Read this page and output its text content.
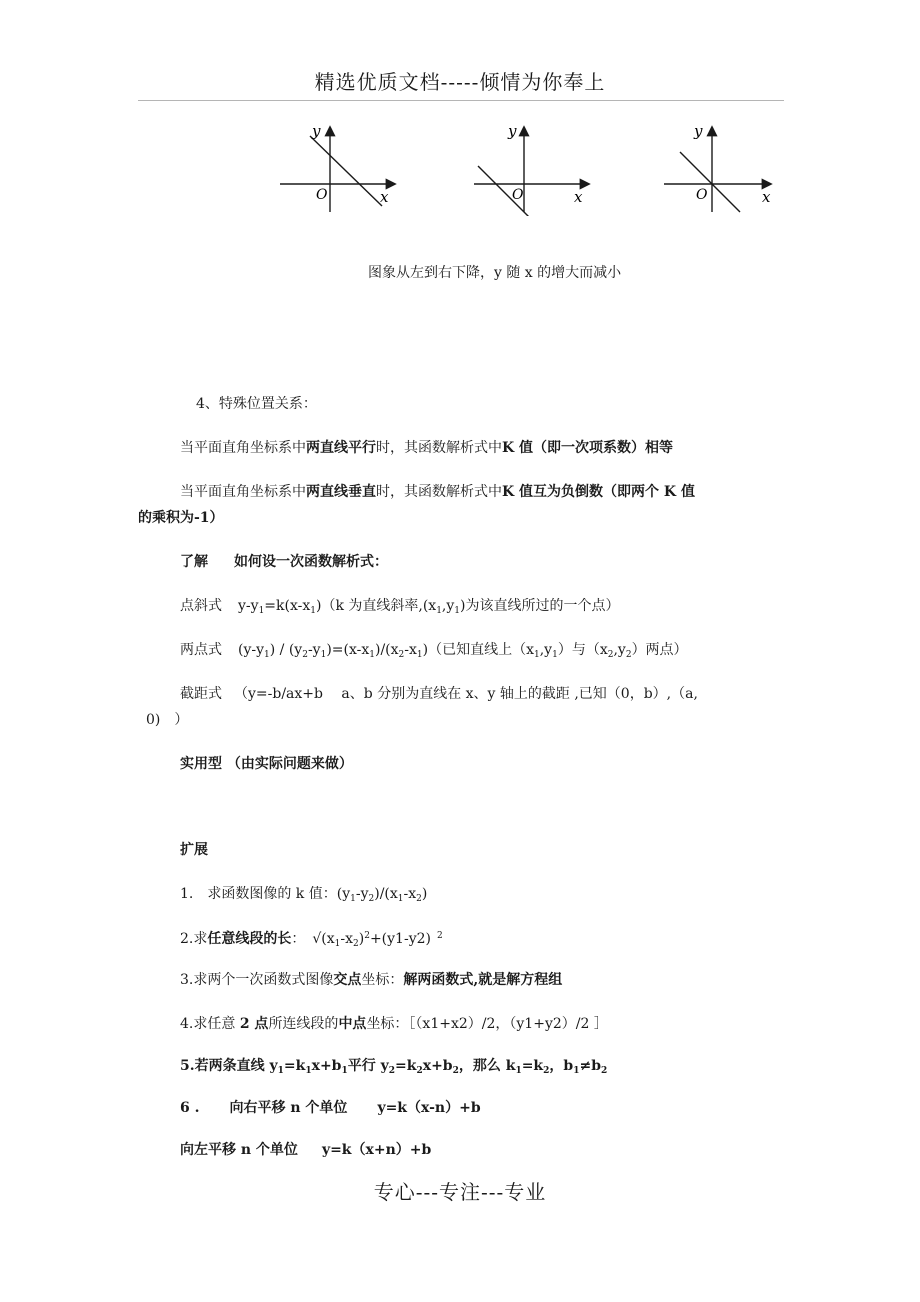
精选优质文档-----倾情为你奉上
y
x
O
y
x
O
y
x
O
图象从左到右下降，y 随 x 的增大而减小
4、特殊位置关系：
当平面直角坐标系中两直线平行时，其函数解析式中K 值（即一次项系数）相等
当平面直角坐标系中两直线垂直时，其函数解析式中K 值互为负倒数（即两个 K 值
的乘积为-1）
了解 如何设一次函数解析式：
点斜式 $y-y_1=k(x-x_1)(k$ 为直线斜率$,(x_1,y_1)$为该直线所过的一个点）
两点式 $(y-y_1) / (y_2-y_1)=(x-x_1)/(x_2-x_1)$（已知直线上$(x_1,y_1)$与$(x_2,y_2)$两点）
截距式 （y=-b/ax+b　 a、b 分别为直线在 x、y 轴上的截距 ,已知（0，b）,（a,
0)　）
实用型 （由实际问题来做）
扩展
1.　求函数图像的 k 值：$(y_1-y_2)/(x_1-x_2)$
2.求任意线段的长：　$√(x_1-x_2)^2+(y1-y2)$ $^2$
3.求两个一次函数式图像交点坐标：解两函数式,就是解方程组
4.求任意 2 点所连线段的中点坐标：［（x1+x2）/2，（y1+y2）/2 ］
5.若两条直线 $y_1=k_1x+b_1$平行 $y_2=k_2x+b_2$，那么 $k_1=k_2$，$b_1\ne b_2$
6 . 向右平移 n 个单位 y=k（x-n）+b
向左平移 n 个单位 y=k（x+n）+b
专心---专注---专业
